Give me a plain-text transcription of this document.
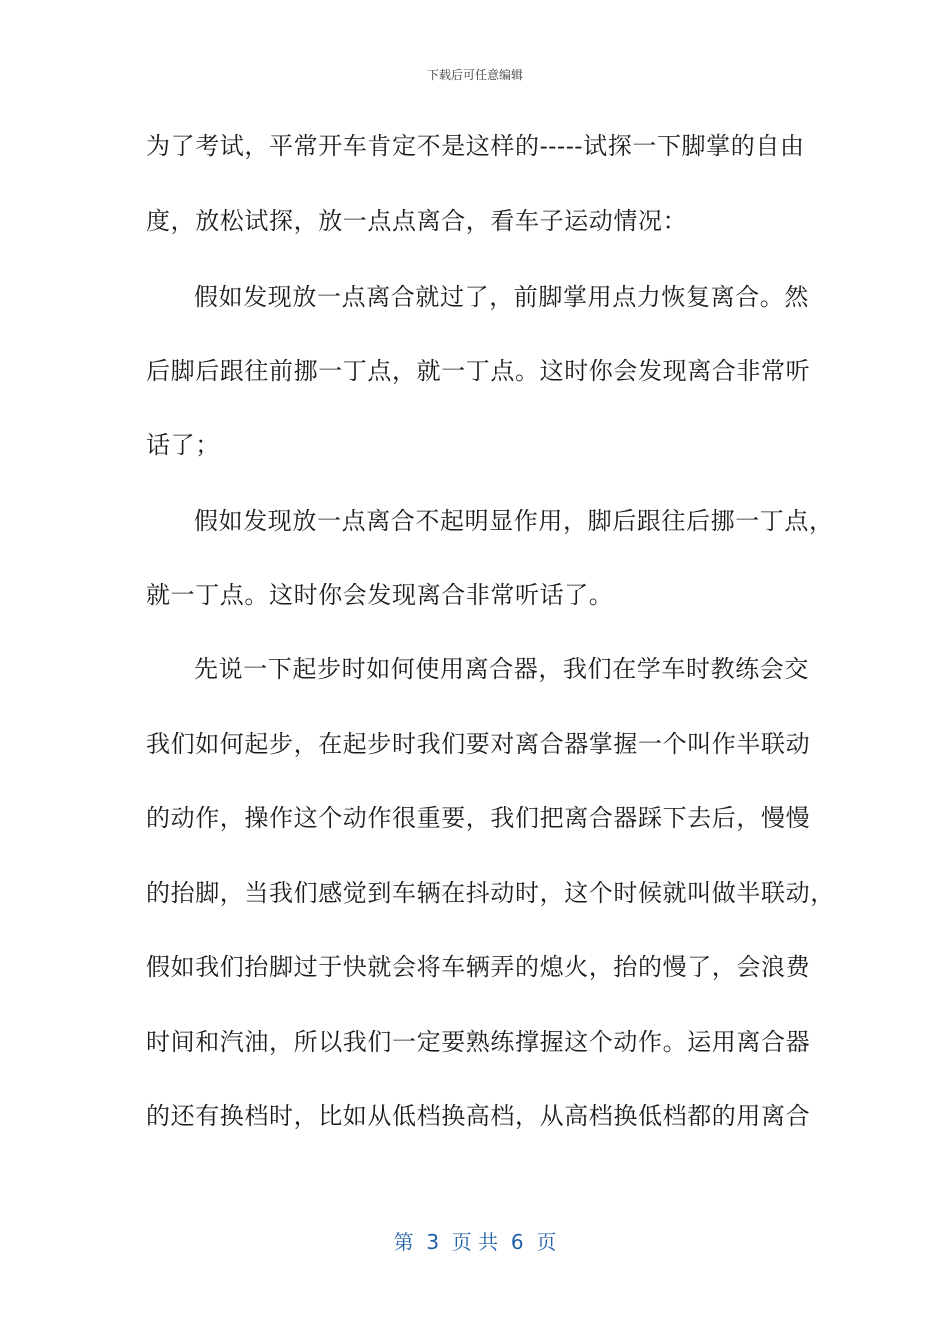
下载后可任意编辑
为了考试，平常开车肯定不是这样的-----试探一下脚掌的自由
度，放松试探，放一点点离合，看车子运动情况：
假如发现放一点离合就过了，前脚掌用点力恢复离合。然
后脚后跟往前挪一丁点，就一丁点。这时你会发现离合非常听
话了；
假如发现放一点离合不起明显作用，脚后跟往后挪一丁点，
就一丁点。这时你会发现离合非常听话了。
先说一下起步时如何使用离合器，我们在学车时教练会交
我们如何起步，在起步时我们要对离合器掌握一个叫作半联动
的动作，操作这个动作很重要，我们把离合器踩下去后，慢慢
的抬脚，当我们感觉到车辆在抖动时，这个时候就叫做半联动，
假如我们抬脚过于快就会将车辆弄的熄火，抬的慢了，会浪费
时间和汽油，所以我们一定要熟练撑握这个动作。运用离合器
的还有换档时，比如从低档换高档，从高档换低档都的用离合
第  3  页 共  6  页
